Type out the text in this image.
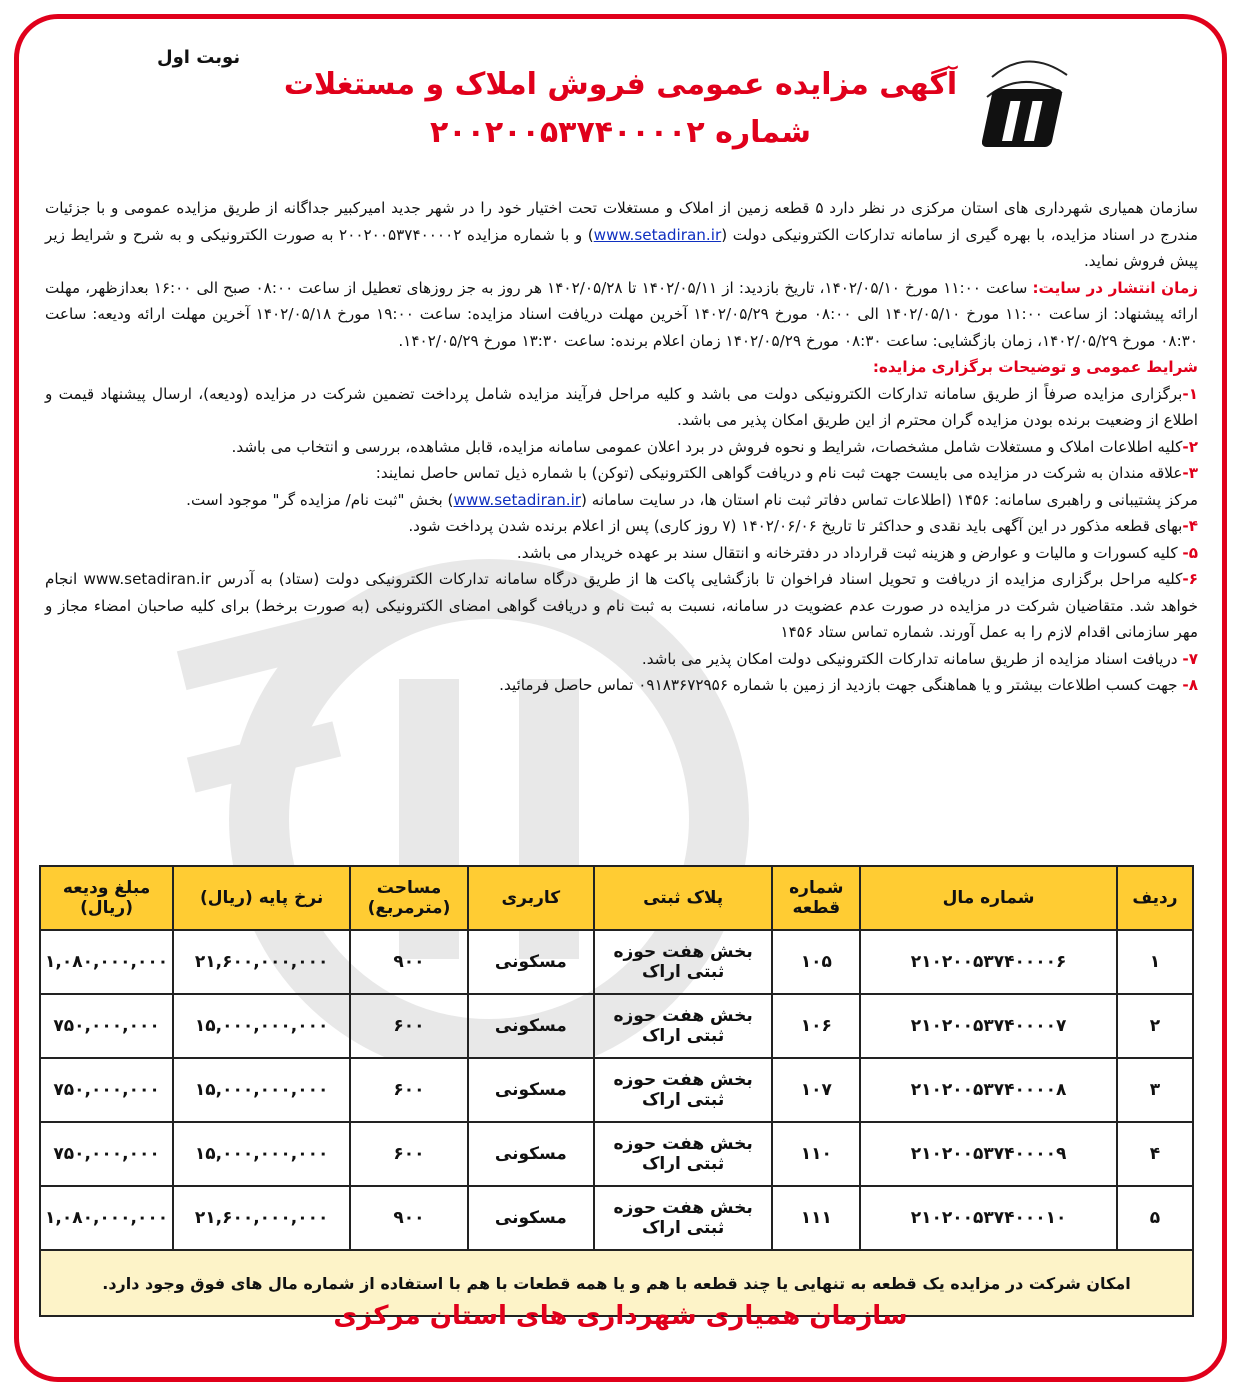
نوبت اول
آگهی مزایده عمومی فروش املاک و مستغلات
شماره ۲۰۰۲۰۰۵۳۷۴۰۰۰۰۲

سازمان همیاری شهرداری های استان مرکزی در نظر دارد ۵ قطعه زمین از املاک و مستغلات تحت اختیار خود را در شهر جدید امیرکبیر جداگانه از طریق مزایده عمومی و با جزئیات مندرج در اسناد مزایده، با بهره گیری از سامانه تدارکات الکترونیکی دولت (www.setadiran.ir) و با شماره مزایده ۲۰۰۲۰۰۵۳۷۴۰۰۰۰۲ به صورت الکترونیکی و به شرح و شرایط زیر پیش فروش نماید.

زمان انتشار در سایت: ساعت ۱۱:۰۰ مورخ ۱۴۰۲/۰۵/۱۰، تاریخ بازدید: از ۱۴۰۲/۰۵/۱۱ تا ۱۴۰۲/۰۵/۲۸ هر روز به جز روزهای تعطیل از ساعت ۰۸:۰۰ صبح الی ۱۶:۰۰ بعدازظهر، مهلت ارائه پیشنهاد: از ساعت ۱۱:۰۰ مورخ ۱۴۰۲/۰۵/۱۰ الی ۰۸:۰۰ مورخ ۱۴۰۲/۰۵/۲۹ آخرین مهلت دریافت اسناد مزایده: ساعت ۱۹:۰۰ مورخ ۱۴۰۲/۰۵/۱۸ آخرین مهلت ارائه ودیعه: ساعت ۰۸:۳۰ مورخ ۱۴۰۲/۰۵/۲۹، زمان بازگشایی: ساعت ۰۸:۳۰ مورخ ۱۴۰۲/۰۵/۲۹ زمان اعلام برنده: ساعت ۱۳:۳۰ مورخ ۱۴۰۲/۰۵/۲۹.

شرایط عمومی و توضیحات برگزاری مزایده:

۱-برگزاری مزایده صرفاً از طریق سامانه تدارکات الکترونیکی دولت می باشد و کلیه مراحل فرآیند مزایده شامل پرداخت تضمین شرکت در مزایده (ودیعه)، ارسال پیشنهاد قیمت و اطلاع از وضعیت برنده بودن مزایده گران محترم از این طریق امکان پذیر می باشد.

۲-کلیه اطلاعات املاک و مستغلات شامل مشخصات، شرایط و نحوه فروش در برد اعلان عمومی سامانه مزایده، قابل مشاهده، بررسی و انتخاب می باشد.

۳-علاقه مندان به شرکت در مزایده می بایست جهت ثبت نام و دریافت گواهی الکترونیکی (توکن) با شماره ذیل تماس حاصل نمایند:

مرکز پشتیبانی و راهبری سامانه: ۱۴۵۶ (اطلاعات تماس دفاتر ثبت نام استان ها، در سایت سامانه (www.setadiran.ir) بخش "ثبت نام/ مزایده گر" موجود است.

۴-بهای قطعه مذکور در این آگهی باید نقدی و حداکثر تا تاریخ ۱۴۰۲/۰۶/۰۶ (۷ روز کاری) پس از اعلام برنده شدن پرداخت شود.

۵- کلیه کسورات و مالیات و عوارض و هزینه ثبت قرارداد در دفترخانه و انتقال سند بر عهده خریدار می باشد.

۶-کلیه مراحل برگزاری مزایده از دریافت و تحویل اسناد فراخوان تا بازگشایی پاکت ها از طریق درگاه سامانه تدارکات الکترونیکی دولت (ستاد) به آدرس www.setadiran.ir انجام خواهد شد. متقاضیان شرکت در مزایده در صورت عدم عضویت در سامانه، نسبت به ثبت نام و دریافت گواهی امضای الکترونیکی (به صورت برخط) برای کلیه صاحبان امضاء مجاز و مهر سازمانی اقدام لازم را به عمل آورند. شماره تماس ستاد ۱۴۵۶

۷- دریافت اسناد مزایده از طریق سامانه تدارکات الکترونیکی دولت امکان پذیر می باشد.

۸- جهت کسب اطلاعات بیشتر و یا هماهنگی جهت بازدید از زمین با شماره ۰۹۱۸۳۶۷۲۹۵۶ تماس حاصل فرمائید.

ردیف	شماره مال	شماره قطعه	پلاک ثبتی	کاربری	مساحت (مترمربع)	نرخ پایه (ریال)	مبلغ ودیعه (ریال)
۱	۲۱۰۲۰۰۵۳۷۴۰۰۰۰۶	۱۰۵	بخش هفت حوزه ثبتی اراک	مسکونی	۹۰۰	۲۱,۶۰۰,۰۰۰,۰۰۰	۱,۰۸۰,۰۰۰,۰۰۰
۲	۲۱۰۲۰۰۵۳۷۴۰۰۰۰۷	۱۰۶	بخش هفت حوزه ثبتی اراک	مسکونی	۶۰۰	۱۵,۰۰۰,۰۰۰,۰۰۰	۷۵۰,۰۰۰,۰۰۰
۳	۲۱۰۲۰۰۵۳۷۴۰۰۰۰۸	۱۰۷	بخش هفت حوزه ثبتی اراک	مسکونی	۶۰۰	۱۵,۰۰۰,۰۰۰,۰۰۰	۷۵۰,۰۰۰,۰۰۰
۴	۲۱۰۲۰۰۵۳۷۴۰۰۰۰۹	۱۱۰	بخش هفت حوزه ثبتی اراک	مسکونی	۶۰۰	۱۵,۰۰۰,۰۰۰,۰۰۰	۷۵۰,۰۰۰,۰۰۰
۵	۲۱۰۲۰۰۵۳۷۴۰۰۰۱۰	۱۱۱	بخش هفت حوزه ثبتی اراک	مسکونی	۹۰۰	۲۱,۶۰۰,۰۰۰,۰۰۰	۱,۰۸۰,۰۰۰,۰۰۰
امکان شرکت در مزایده یک قطعه به تنهایی یا چند قطعه با هم و یا همه قطعات با هم با استفاده از شماره مال های فوق وجود دارد.							
سازمان همیاری شهرداری های استان مرکزی
